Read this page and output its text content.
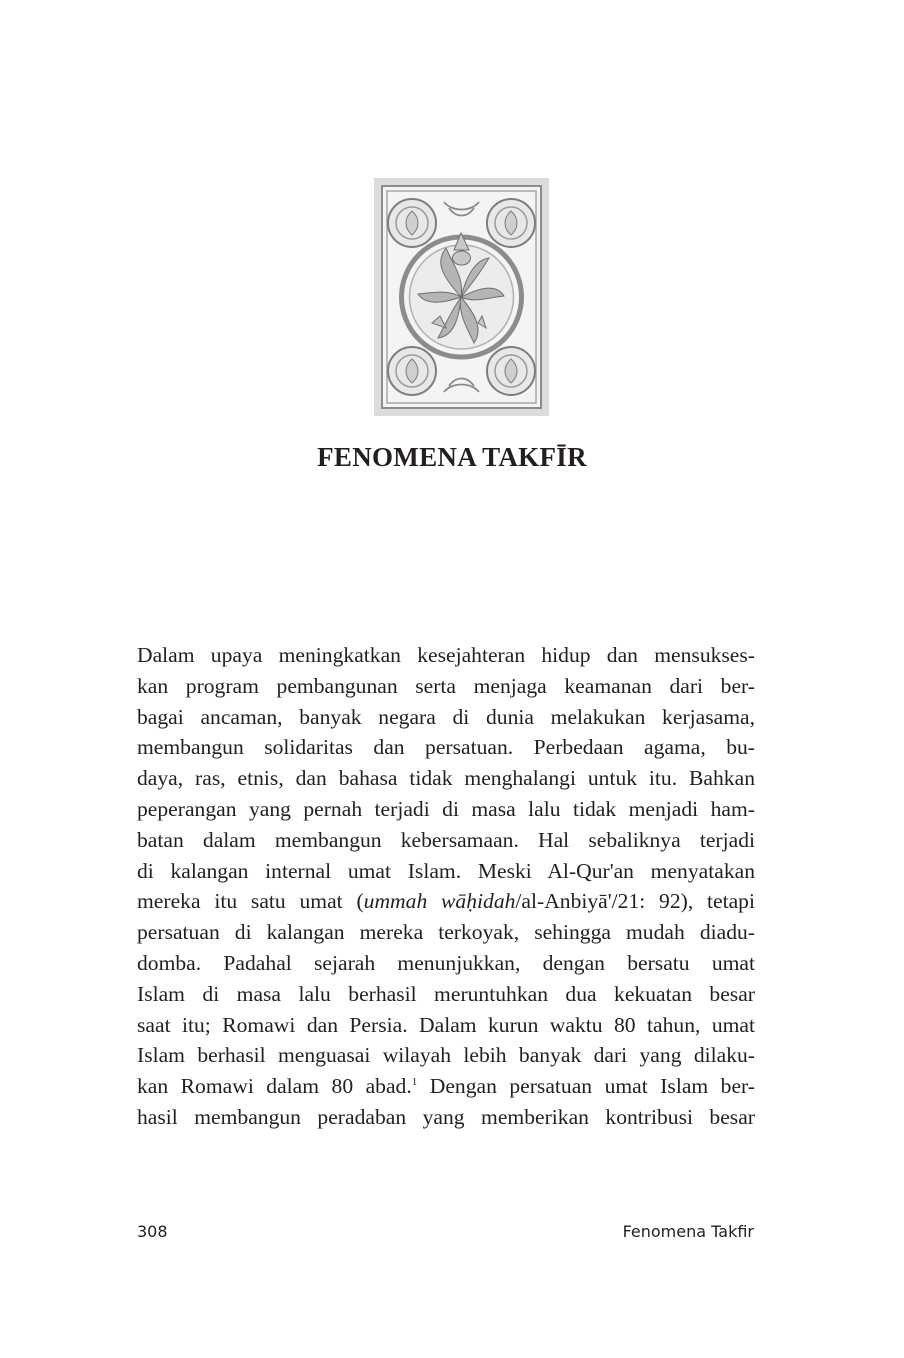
FENOMENA TAKFĪR
Dalam upaya meningkatkan kesejahteran hidup dan mensukses-
kan program pembangunan serta menjaga keamanan dari ber-
bagai ancaman, banyak negara di dunia melakukan kerjasama,
membangun solidaritas dan persatuan. Perbedaan agama, bu-
daya, ras, etnis, dan bahasa tidak menghalangi untuk itu. Bahkan
peperangan yang pernah terjadi di masa lalu tidak menjadi ham-
batan dalam membangun kebersamaan. Hal sebaliknya terjadi
di kalangan internal umat Islam. Meski Al-Qur'an menyatakan
mereka itu satu umat (ummah wāḥidah/al-Anbiyā'/21: 92), tetapi
persatuan di kalangan mereka terkoyak, sehingga mudah diadu-
domba. Padahal sejarah menunjukkan, dengan bersatu umat
Islam di masa lalu berhasil meruntuhkan dua kekuatan besar
saat itu; Romawi dan Persia. Dalam kurun waktu 80 tahun, umat
Islam berhasil menguasai wilayah lebih banyak dari yang dilaku-
kan Romawi dalam 80 abad.$^1$ Dengan persatuan umat Islam ber-
hasil membangun peradaban yang memberikan kontribusi besar
308	Fenomena Takfir
